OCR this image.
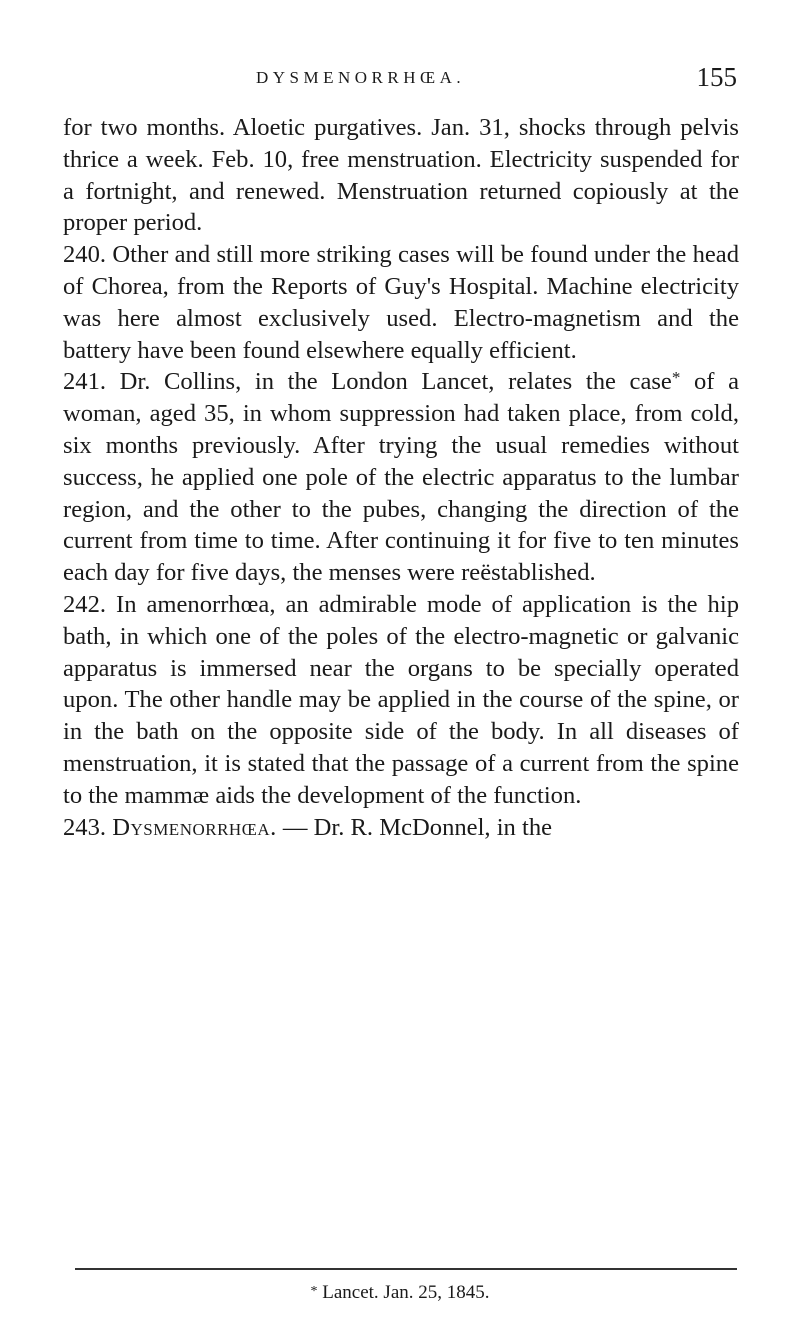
DYSMENORRHŒA.	155

for two months. Aloetic purgatives. Jan. 31, shocks through pelvis thrice a week. Feb. 10, free menstruation. Electricity suspended for a fortnight, and renewed. Menstruation returned copiously at the proper period.

240. Other and still more striking cases will be found under the head of Chorea, from the Reports of Guy's Hospital. Machine electricity was here almost exclusively used. Electro-magnetism and the battery have been found elsewhere equally efficient.

241. Dr. Collins, in the London Lancet, relates the case* of a woman, aged 35, in whom suppression had taken place, from cold, six months previously. After trying the usual remedies without success, he applied one pole of the electric apparatus to the lumbar region, and the other to the pubes, changing the direction of the current from time to time. After continuing it for five to ten minutes each day for five days, the menses were reëstablished.

242. In amenorrhœa, an admirable mode of application is the hip bath, in which one of the poles of the electro-magnetic or galvanic apparatus is immersed near the organs to be specially operated upon. The other handle may be applied in the course of the spine, or in the bath on the opposite side of the body. In all diseases of menstruation, it is stated that the passage of a current from the spine to the mammæ aids the development of the function.

243. Dysmenorrhœa. — Dr. R. McDonnel, in the

* Lancet. Jan. 25, 1845.
